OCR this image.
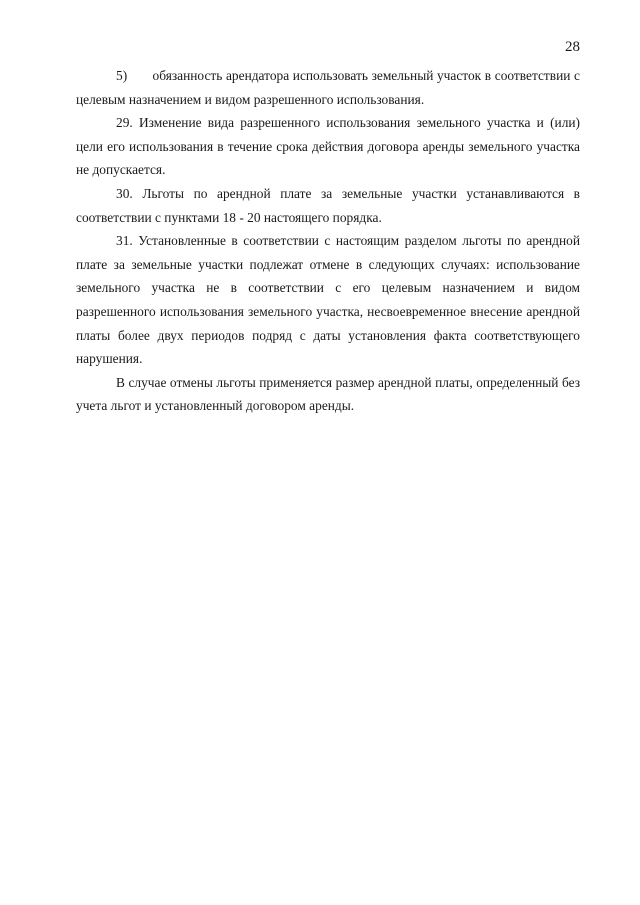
28

5)       обязанность арендатора использовать земельный участок в соответствии с целевым назначением и видом разрешенного использования.

29. Изменение вида разрешенного использования земельного участка и (или) цели его использования в течение срока действия договора аренды земельного участка не допускается.

30. Льготы по арендной плате за земельные участки устанавливаются в соответствии с пунктами 18 - 20 настоящего порядка.

31. Установленные в соответствии с настоящим разделом льготы по арендной плате за земельные участки подлежат отмене в следующих случаях: использование земельного участка не в соответствии с его целевым назначением и видом разрешенного использования земельного участка, несвоевременное внесение арендной платы более двух периодов подряд с даты установления факта соответствующего нарушения.

В случае отмены льготы применяется размер арендной платы, определенный без учета льгот и установленный договором аренды.
